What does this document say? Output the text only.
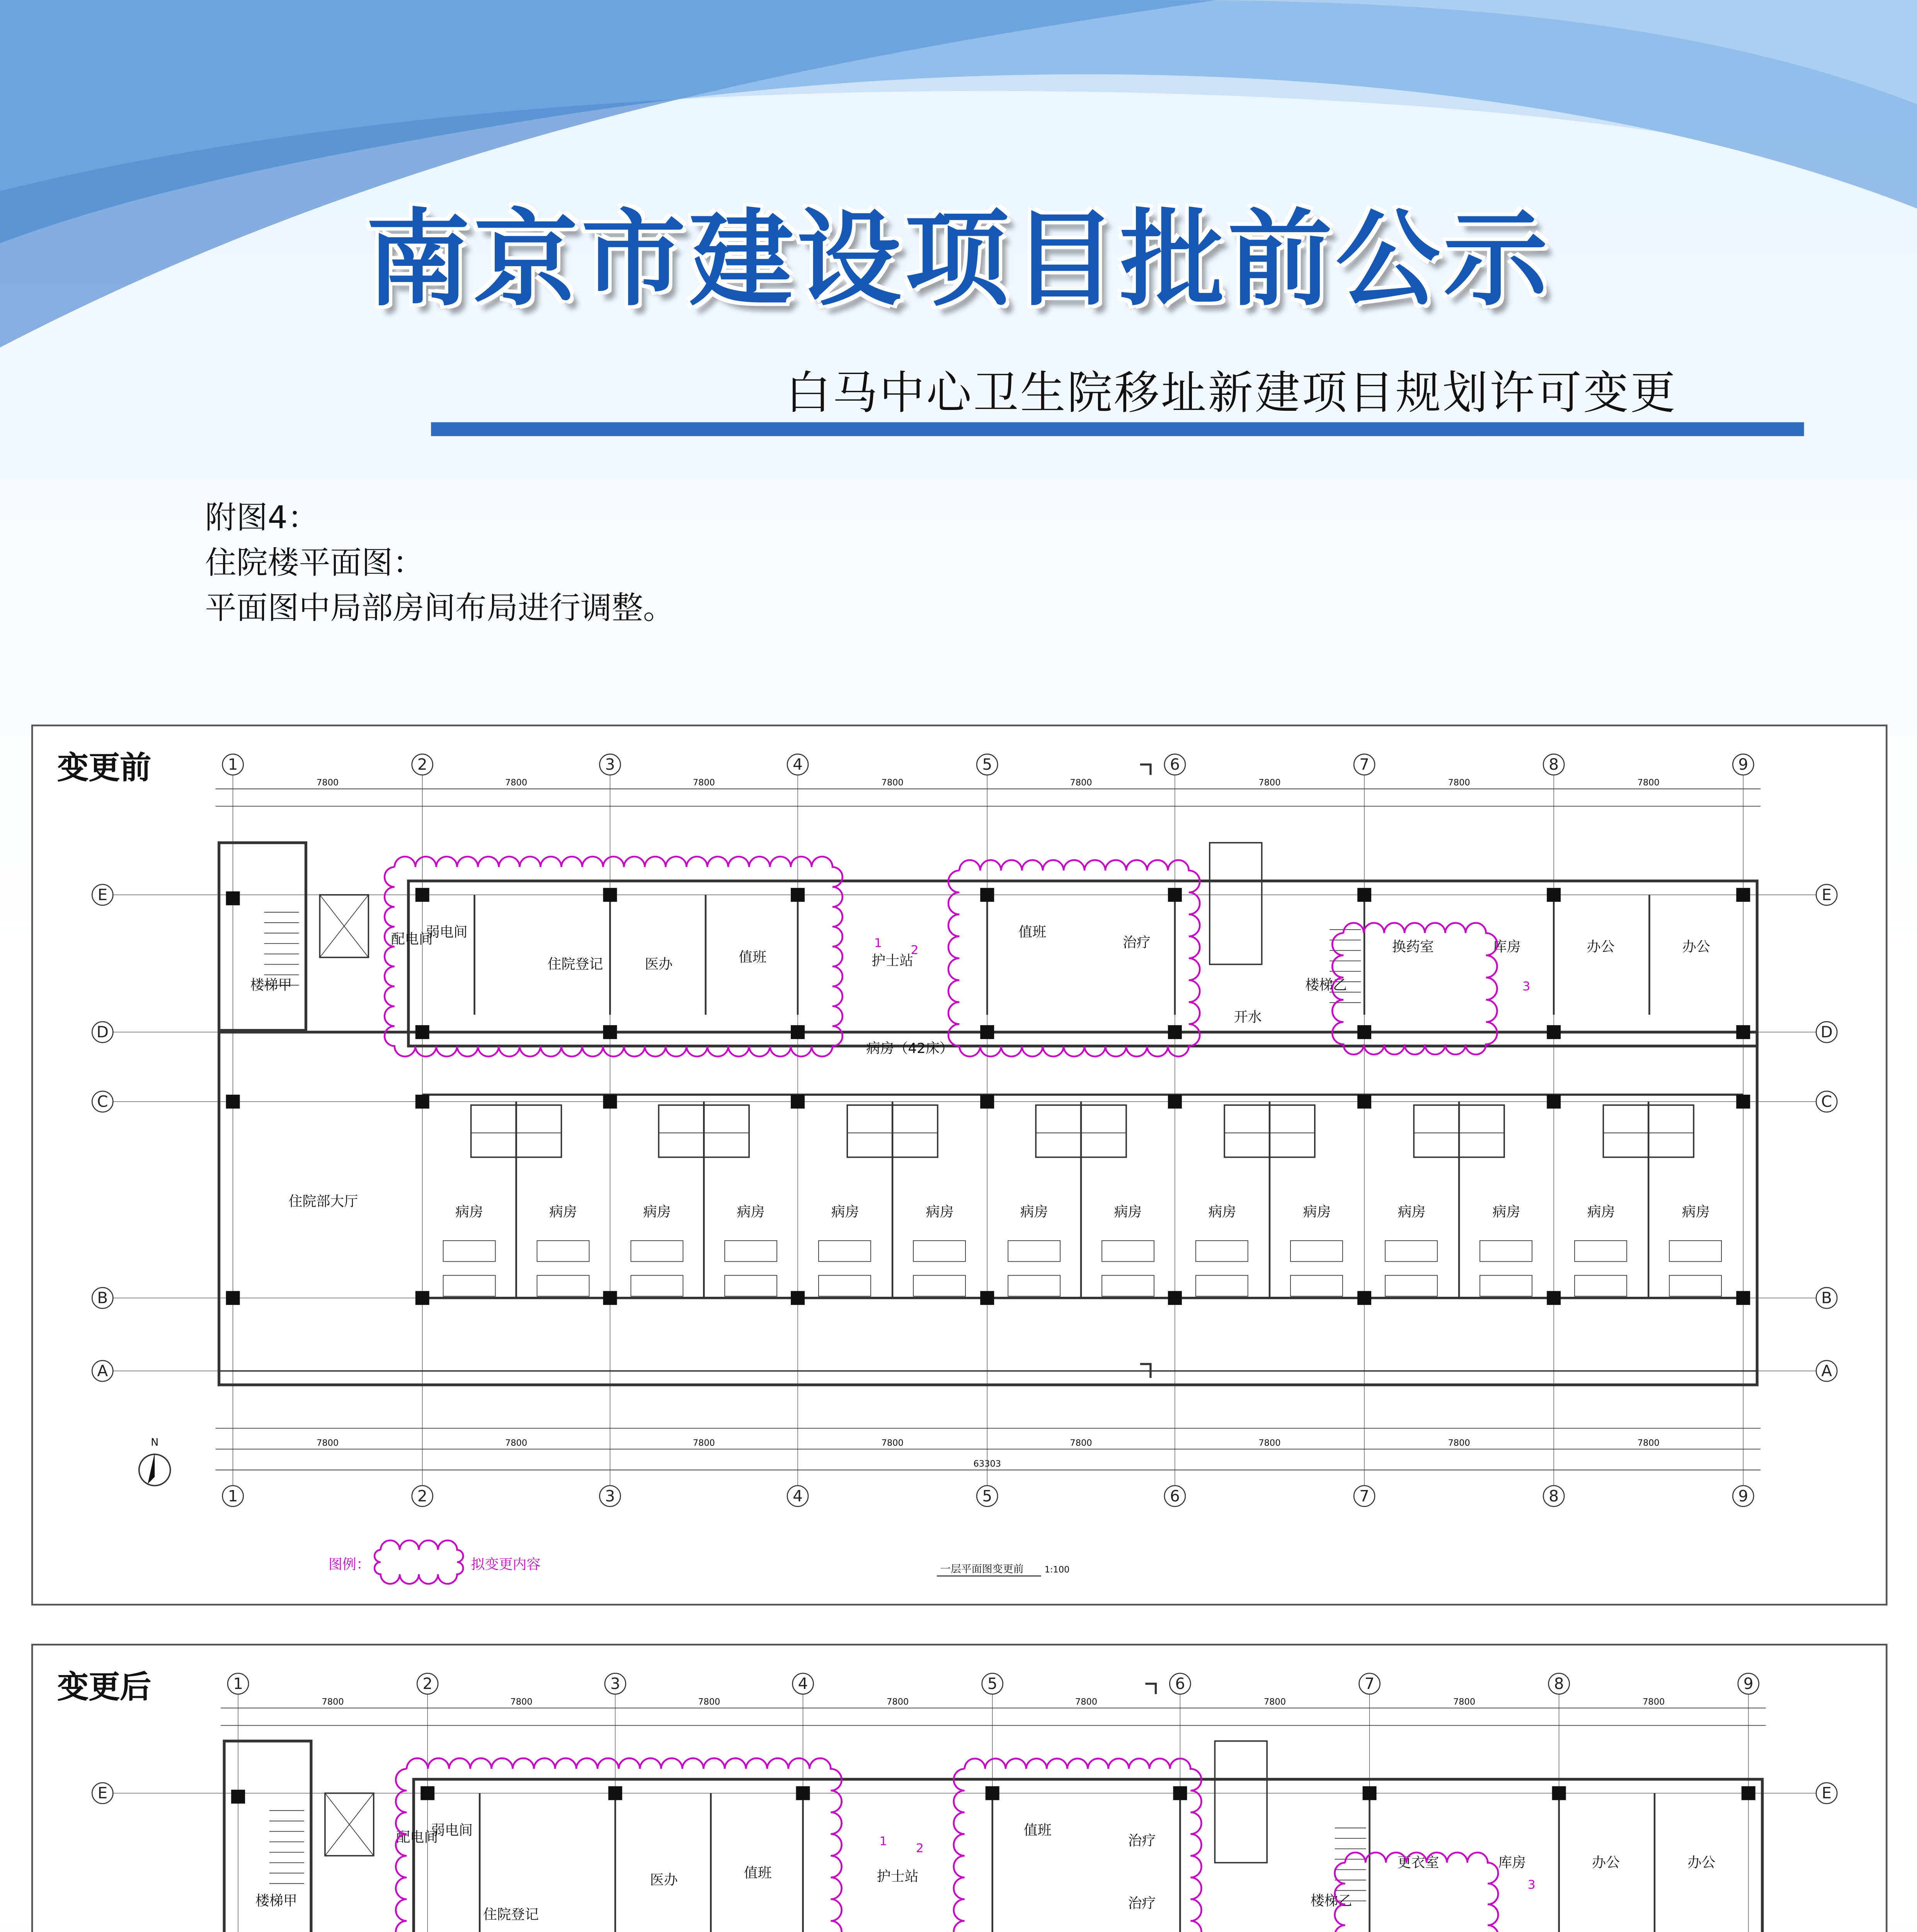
南京市建设项目批前公示
白马中心卫生院移址新建项目规划许可变更
附图4：
住院楼平面图：
平面图中局部房间布局进行调整。
1	2	3	4	5	6	7	8	9
1	2	3	4	5	6	7	8	9
E	E
D	D
C	C
B	B
A	A
7800
7800
7800
7800
7800
7800
7800
7800
7800
7800
7800
7800
7800
7800
7800
7800
63303
病房	病房	病房	病房	病房	病房	病房	病房	病房	病房	病房	病房	病房	病房
楼梯甲
配电间
弱电间
住院登记	医办	值班	护士站
值班
治疗
开水
楼梯乙
换药室	库房	办公	办公
住院部大厅
病房（42床）
1	2
3
N
图例：	拟变更内容	一层平面图变更前	1:100
变更前
1	2	3	4	5	6	7	8	9
E	E
7800	7800	7800	7800	7800	7800	7800	7800
楼梯甲
配电间
弱电间
住院登记
医办	值班	护士站
值班
治疗
治疗	楼梯乙
更衣室	库房	办公	办公
1	2
3
变更后
